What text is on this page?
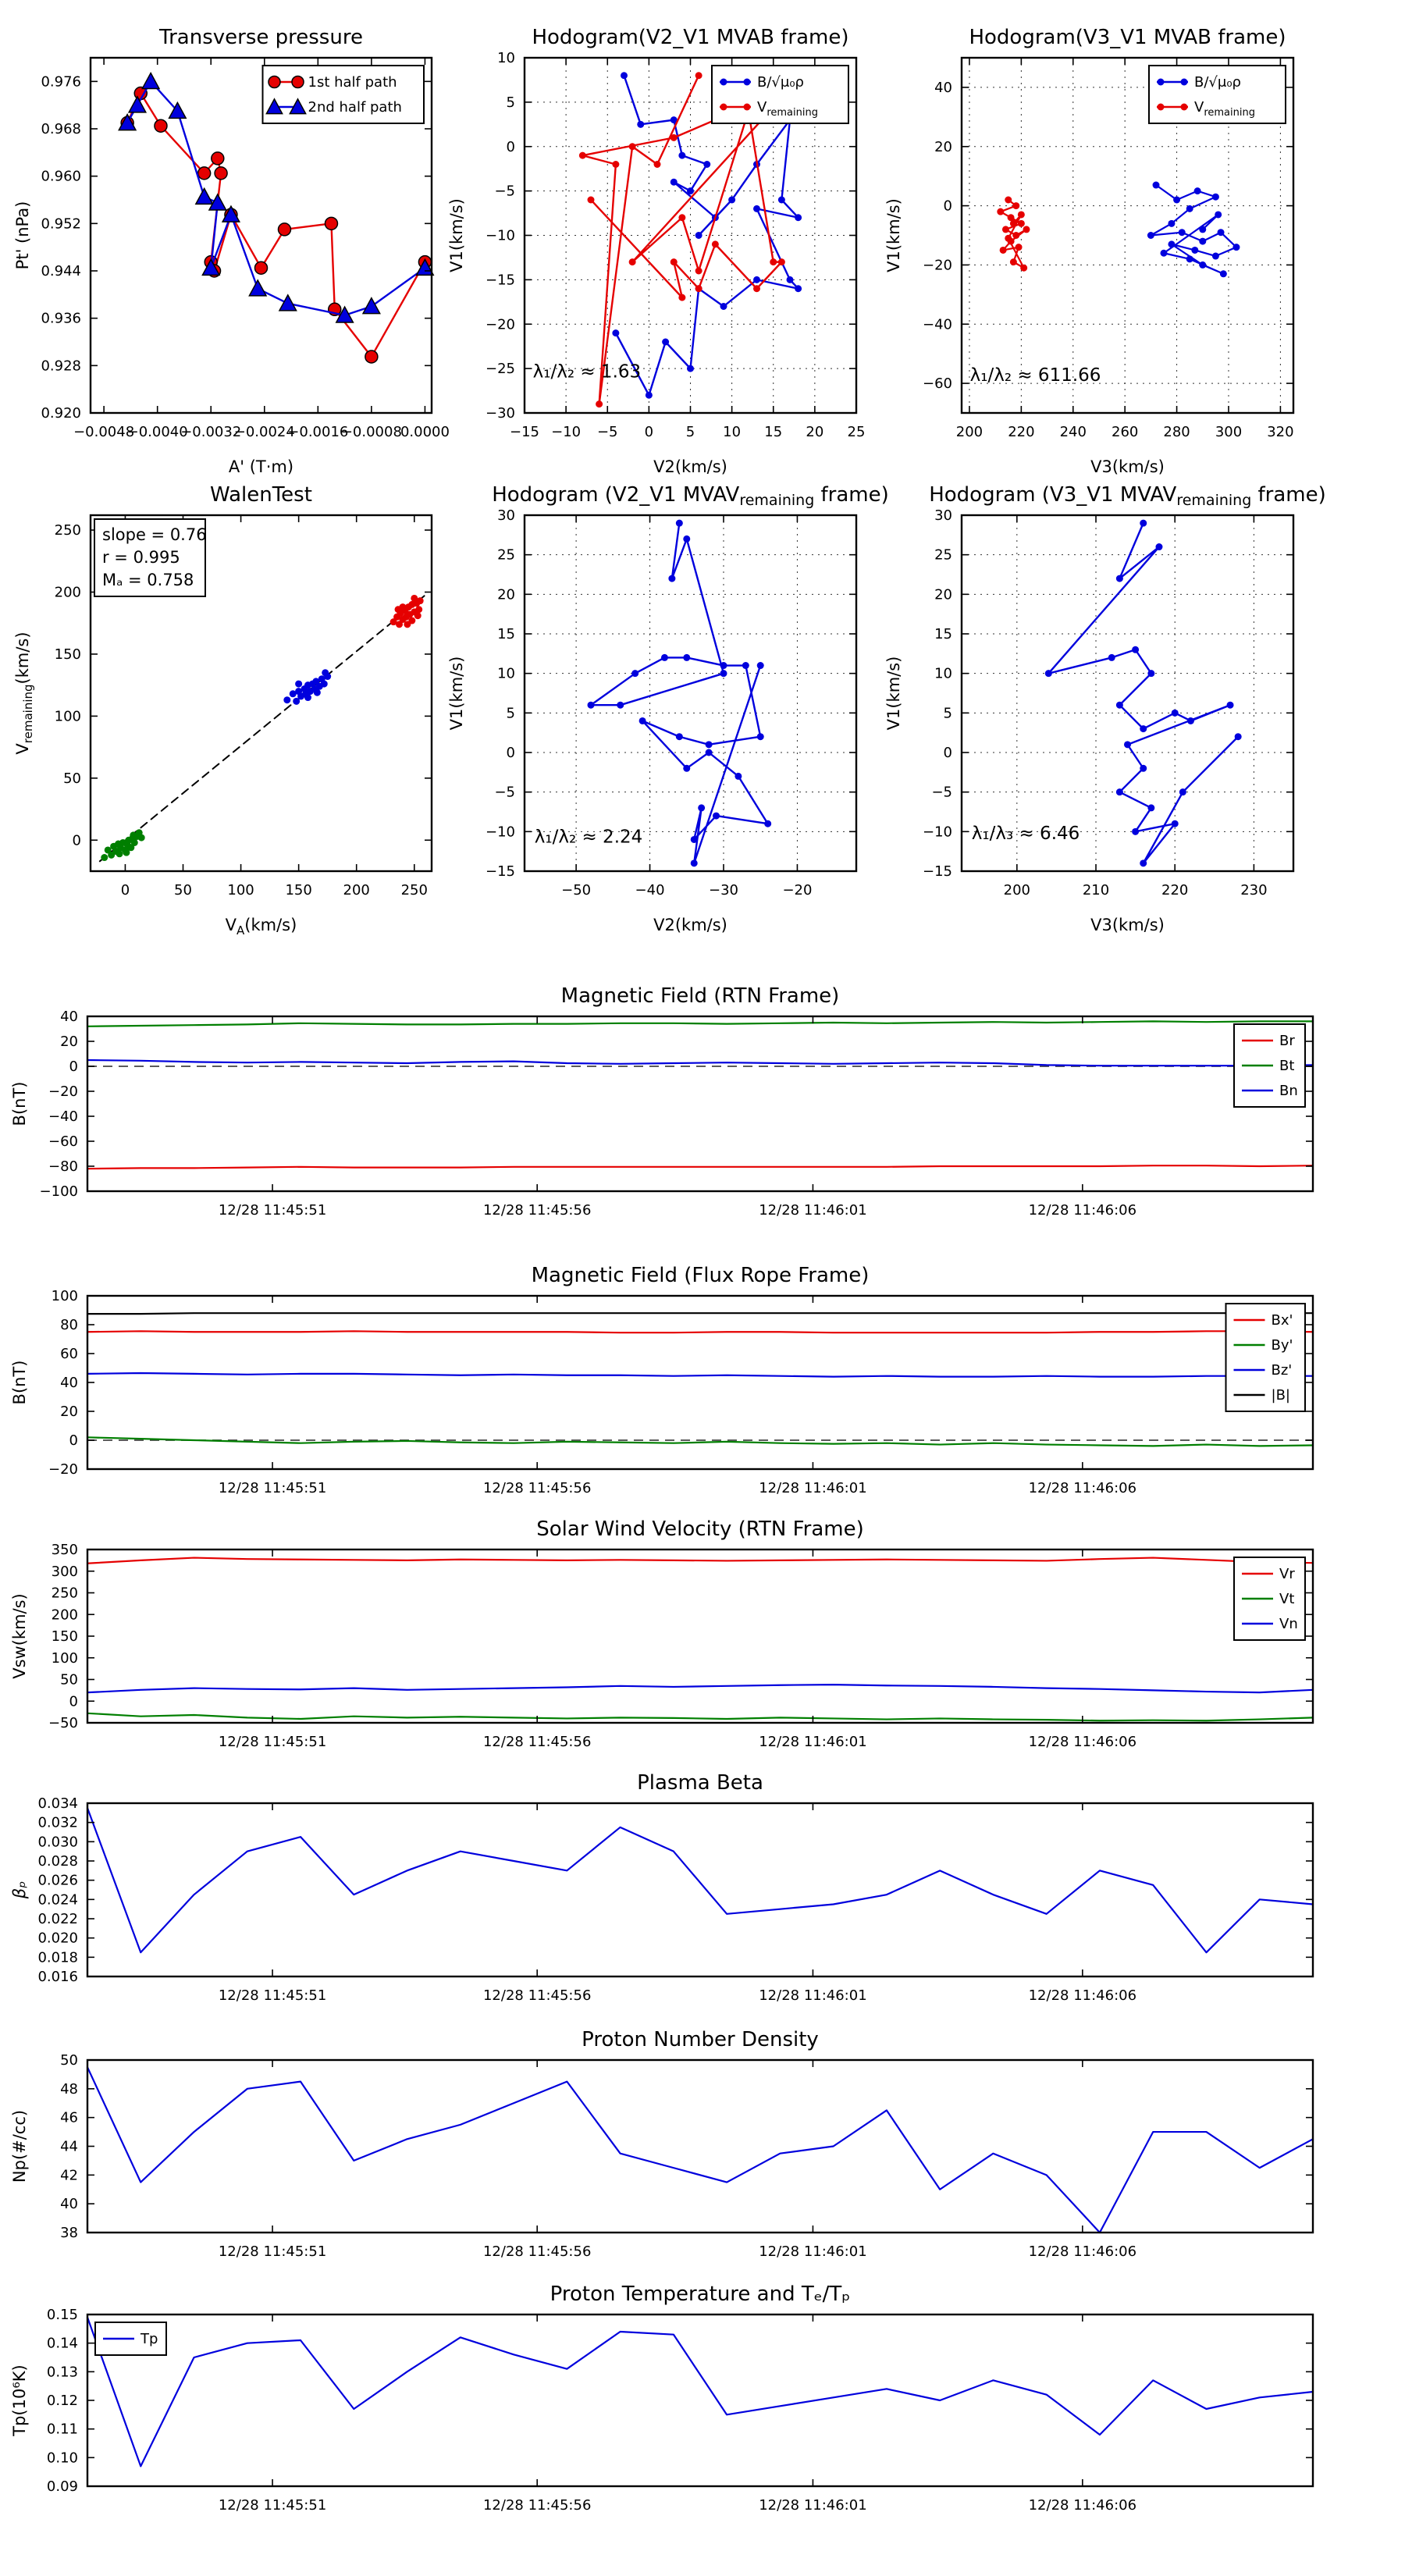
−0.0048
−0.0040
−0.0032
−0.0024
−0.0016
−0.0008
0.0000
0.920
0.928
0.936
0.944
0.952
0.960
0.968
0.976
Transverse pressure
A' (T·m)
Pt' (nPa)
1st half path
2nd half path
−15 −10 −5 0 5 10 15 20 25
−30
−25
−20
−15
−10
−5
0
5
10
Hodogram(V2_V1 MVAB frame)
V2(km/s)
V1(km/s)
B/√μ₀ρ
$V_{remaining}$
λ₁/λ₂ ≈ 1.63
200 220 240 260 280 300 320
−60
−40
−20
0
20
40
Hodogram(V3_V1 MVAB frame)
V3(km/s)
V1(km/s)
B/√μ₀ρ
$V_{remaining}$
λ₁/λ₂ ≈ 611.66
0	50	100 150 200 250
0
50
100
150
200
250
WalenTest
$V_A(km/s)$
$V_{remaining}(km/s)$
slope = 0.76
r = 0.995
Mₐ = 0.758
−50	−40	−30	−20
−15
−10
−5
0
5
10
15
20
25
30
Hodogram (V2_V1 MVAVremaining frame)
V2(km/s)
V1(km/s)
λ₁/λ₂ ≈ 2.24
200	210	220	230
−15
−10
−5
0
5
10
15
20
25
30
Hodogram (V3_V1 MVAVremaining frame)
V3(km/s)
V1(km/s)
λ₁/λ₃ ≈ 6.46
12/28 11:45:51	12/28 11:45:56	12/28 11:46:01	12/28 11:46:06
−100
−80
−60
−40
−20
0
20
40
Magnetic Field (RTN Frame)
B(nT)
Br
Bt
Bn
12/28 11:45:51	12/28 11:45:56	12/28 11:46:01	12/28 11:46:06
−20
0
20
40
60
80
100
Magnetic Field (Flux Rope Frame)
B(nT)
Bx'
By'
Bz'
|B|
12/28 11:45:51	12/28 11:45:56	12/28 11:46:01	12/28 11:46:06
−50
0
50
100
150
200
250
300
350
Solar Wind Velocity (RTN Frame)
Vsw(km/s)
Vr
Vt
Vn
12/28 11:45:51	12/28 11:45:56	12/28 11:46:01	12/28 11:46:06
0.016
0.018
0.020
0.022
0.024
0.026
0.028
0.030
0.032
0.034
Plasma Beta
βₚ
12/28 11:45:51	12/28 11:45:56	12/28 11:46:01	12/28 11:46:06
38
40
42
44
46
48
50
Proton Number Density
Np(#/cc)
12/28 11:45:51	12/28 11:45:56	12/28 11:46:01	12/28 11:46:06
0.09
0.10
0.11
0.12
0.13
0.14
0.15
Proton Temperature and Tₑ/Tₚ
Tp(10⁶K)
Tp
